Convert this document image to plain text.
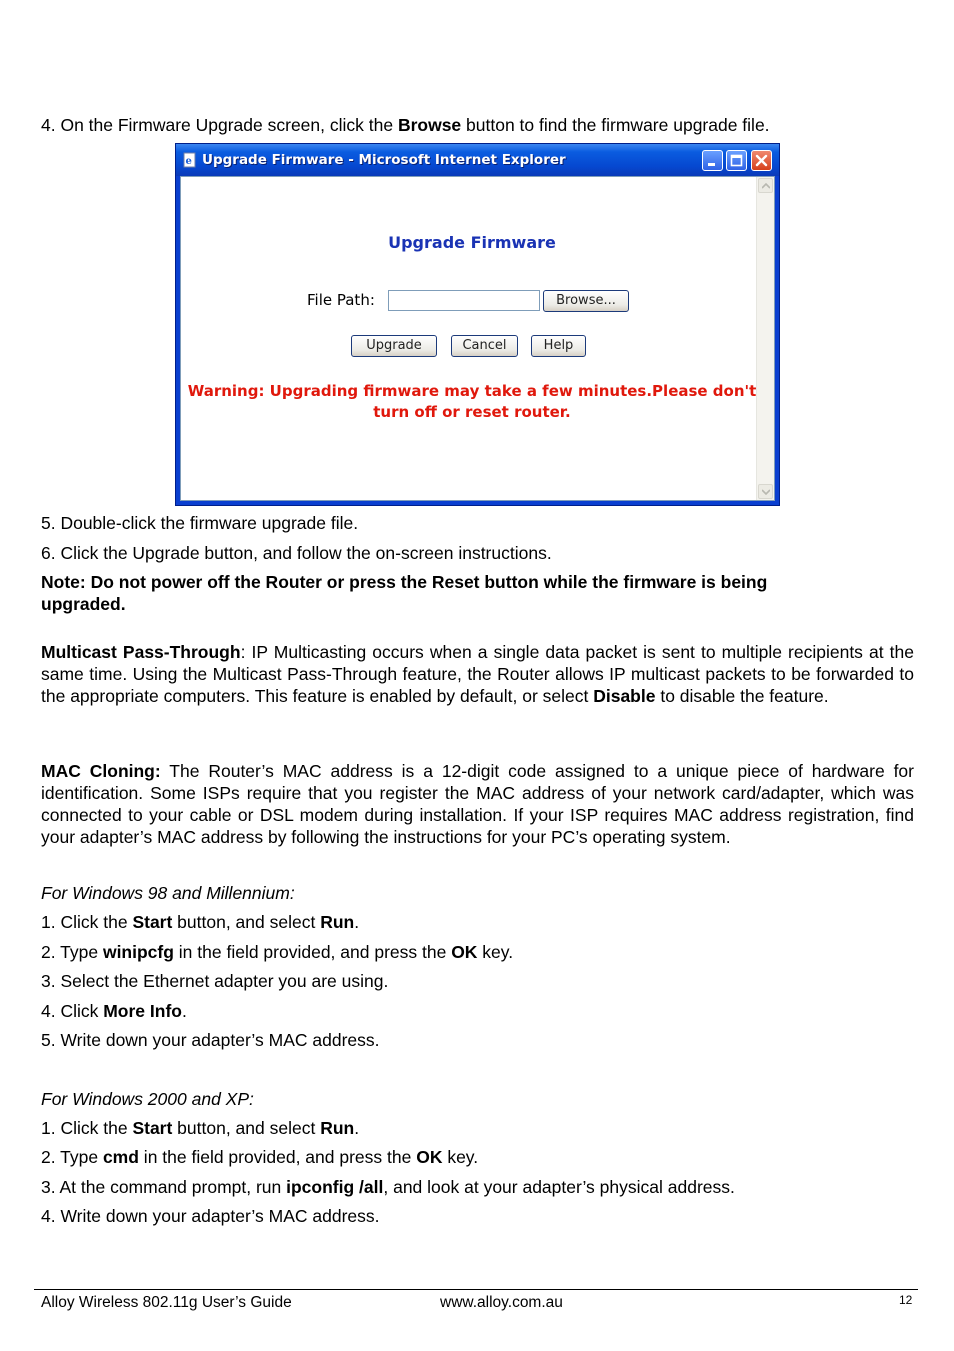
4. On the Firmware Upgrade screen, click the Browse button to find the firmware upgrade file.
e Upgrade Firmware - Microsoft Internet Explorer
Upgrade Firmware
File Path:	Browse...
Upgrade	Cancel	Help
Warning: Upgrading firmware may take a few minutes.Please don't
turn off or reset router.
5. Double-click the firmware upgrade file.
6. Click the Upgrade button, and follow the on-screen instructions.
Note: Do not power off the Router or press the Reset button while the firmware is being
upgraded.
Multicast Pass-Through: IP Multicasting occurs when a single data packet is sent to multiple recipients at the same time. Using the Multicast Pass-Through feature, the Router allows IP multicast packets to be forwarded to the appropriate computers. This feature is enabled by default, or select Disable to disable the feature.
MAC Cloning: The Router’s MAC address is a 12-digit code assigned to a unique piece of hardware for identification. Some ISPs require that you register the MAC address of your network card/adapter, which was connected to your cable or DSL modem during installation. If your ISP requires MAC address registration, find your adapter’s MAC address by following the instructions for your PC’s operating system.
For Windows 98 and Millennium:
1. Click the Start button, and select Run.
2. Type winipcfg in the field provided, and press the OK key.
3. Select the Ethernet adapter you are using.
4. Click More Info.
5. Write down your adapter’s MAC address.
For Windows 2000 and XP:
1. Click the Start button, and select Run.
2. Type cmd in the field provided, and press the OK key.
3. At the command prompt, run ipconfig /all, and look at your adapter’s physical address.
4. Write down your adapter’s MAC address.
Alloy Wireless 802.11g User’s Guide	www.alloy.com.au	12
